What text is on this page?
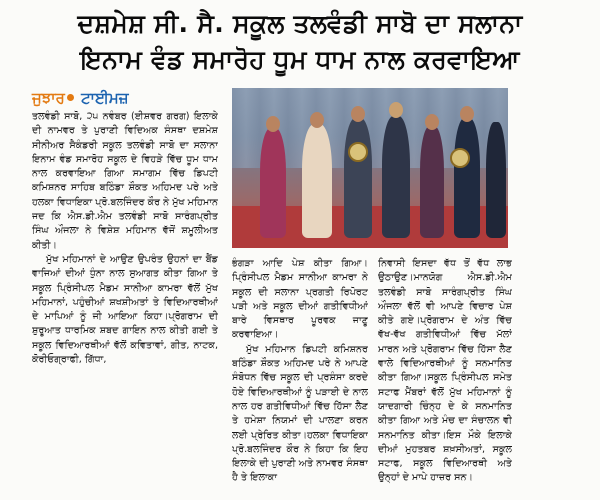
ਦਸ਼ਮੇਸ਼ ਸੀ. ਸੈ. ਸਕੂਲ ਤਲਵੰਡੀ ਸਾਬੋ ਦਾ ਸਲਾਨਾ
ਇਨਾਮ ਵੰਡ ਸਮਾਰੋਹ ਧੂਮ ਧਾਮ ਨਾਲ ਕਰਵਾਇਆ
ਜੁਝਾਰ ਟਾਈਮਜ਼

ਤਲਵੰਡੀ ਸਾਬੋ, ੨੫ ਨਵੰਬਰ (ਈਸ਼ਵਰ ਗਰਗ) ਇਲਾਕੇ ਦੀ ਨਾਮਵਰ ਤੇ ਪੁਰਾਣੀ ਵਿਦਿਅਕ ਸੰਸਥਾ ਦਸ਼ਮੇਸ਼ ਸੀਨੀਅਰ ਸੈਕੰਡਰੀ ਸਕੂਲ ਤਲਵੰਡੀ ਸਾਬੋ ਦਾ ਸਲਾਨਾ ਇਨਾਮ ਵੰਡ ਸਮਾਰੋਹ ਸਕੂਲ ਦੇ ਵਿਹੜੇ ਵਿੱਚ ਧੂਮ ਧਾਮ ਨਾਲ ਕਰਵਾਇਆ ਗਿਆ ਸਮਾਗਮ ਵਿੱਚ ਡਿਪਟੀ ਕਮਿਸ਼ਨਰ ਸਾਹਿਬ ਬਠਿੰਡਾ ਸ਼ੌਕਤ ਅਹਿਮਦ ਪਰੇ ਅਤੇ ਹਲਕਾ ਵਿਧਾਇਕਾ ਪ੍ਰੋ.ਬਲਜਿੰਦਰ ਕੌਰ ਨੇ ਮੁੱਖ ਮਹਿਮਾਨ ਜਦ ਕਿ ਐਸ.ਡੀ.ਐਮ ਤਲਵੰਡੀ ਸਾਬੋ ਸਾਰੰਗਪ੍ਰੀਤ ਸਿੰਘ ਔਜਲਾ ਨੇ ਵਿਸ਼ੇਸ਼ ਮਹਿਮਾਨ ਵੱਜੋਂ ਸ਼ਮੂਲੀਅਤ ਕੀਤੀ।

ਮੁੱਖ ਮਹਿਮਾਨਾਂ ਦੇ ਆਉਣ ਉਪਰੰਤ ਉਹਨਾਂ ਦਾ ਬੈਂਡ ਵਾਜਿਆਂ ਦੀਆਂ ਧੁੰਨਾ ਨਾਲ ਸੁਆਗਤ ਕੀਤਾ ਗਿਆ ਤੇ ਸਕੂਲ ਪ੍ਰਿੰਸੀਪਲ ਮੈਡਮ ਸਾਨੀਆ ਕਾਮਰਾ ਵੱਲੋਂ ਮੁੱਖ ਮਹਿਮਾਨਾਂ, ਪਹੁੰਚੀਆਂ ਸ਼ਖਸ਼ੀਅਤਾਂ ਤੇ ਵਿਦਿਆਰਥੀਆਂ ਦੇ ਮਾਪਿਆਂ ਨੂੰ ਜੀ ਆਇਆ ਕਿਹਾ।ਪ੍ਰੋਗਰਾਮ ਦੀ ਸ਼ੁਰੂਆਤ ਧਾਰਮਿਕ ਸ਼ਬਦ ਗਾਇਨ ਨਾਲ ਕੀਤੀ ਗਈ ਤੇ ਸਕੂਲ ਵਿਦਿਆਰਥੀਆਂ ਵੱਲੋਂ ਕਵਿਤਾਵਾਂ, ਗੀਤ, ਨਾਟਕ, ਕੋਰੀਓਗ੍ਰਾਫੀ, ਗਿੱਧਾ,

ਭੰਗੜਾ ਆਦਿ ਪੇਸ਼ ਕੀਤਾ ਗਿਆ।ਪ੍ਰਿੰਸੀਪਲ ਮੈਡਮ ਸਾਨੀਆ ਕਾਮਰਾ ਨੇ ਸਕੂਲ ਦੀ ਸਲਾਨਾ ਪ੍ਰਗਤੀ ਰਿਪੋਰਟ ਪੜੀ ਅਤੇ ਸਕੂਲ ਦੀਆਂ ਗਤੀਵਿਧੀਆਂ ਬਾਰੇ ਵਿਸਥਾਰ ਪੂਰਵਕ ਜਾਣੂ ਕਰਵਾਇਆ।

ਮੁੱਖ ਮਹਿਮਾਨ ਡਿਪਟੀ ਕਮਿਸ਼ਨਰ ਬਠਿੰਡਾ ਸ਼ੌਕਤ ਅਹਿਮਦ ਪਰੇ ਨੇ ਆਪਣੇ ਸੰਬੋਧਨ ਵਿੱਚ ਸਕੂਲ ਦੀ ਪ੍ਰਸ਼ੰਸਾ ਕਰਦੇ ਹੋਏ ਵਿਦਿਆਰਥੀਆਂ ਨੂੰ ਪੜਾਈ ਦੇ ਨਾਲ ਨਾਲ ਹਰ ਗਤੀਵਿਧੀਆਂ ਵਿੱਚ ਹਿੱਸਾ ਲੈਣ ਤੇ ਹਮੇਸ਼ਾ ਨਿਯਮਾਂ ਦੀ ਪਾਲਣਾ ਕਰਨ ਲਈ ਪ੍ਰੇਰਿਤ ਕੀਤਾ।ਹਲਕਾ ਵਿਧਾਇਕਾ ਪ੍ਰੋ.ਬਲਜਿੰਦਰ ਕੌਰ ਨੇ ਕਿਹਾ ਕਿ ਇਹ ਇਲਾਕੇ ਦੀ ਪੁਰਾਣੀ ਅਤੇ ਨਾਮਵਰ ਸੰਸਥਾ ਹੈ ਤੇ ਇਲਾਕਾ

ਨਿਵਾਸੀ ਇਸਦਾ ਵੱਧ ਤੋਂ ਵੱਧ ਲਾਭ ਉਠਾਉਣ।ਮਾਨਯੋਗ ਐਸ.ਡੀ.ਐਮ ਤਲਵੰਡੀ ਸਾਬੋ ਸਾਰੰਗਪ੍ਰੀਤ ਸਿੰਘ ਔਜਲਾ ਵੱਲੋਂ ਵੀ ਆਪਣੇ ਵਿਚਾਰ ਪੇਸ਼ ਕੀਤੇ ਗਏ।ਪ੍ਰੋਗਰਾਮ ਦੇ ਅੰਤ ਵਿੱਚ ਵੱਖ-ਵੱਖ ਗਤੀਵਿਧੀਆਂ ਵਿੱਚ ਮੱਲਾਂ ਮਾਰਨ ਅਤੇ ਪ੍ਰੋਗਰਾਮ ਵਿੱਚ ਹਿੱਸਾ ਲੈਣ ਵਾਲੇ ਵਿਦਿਆਰਥੀਆਂ ਨੂੰ ਸਨਮਾਨਿਤ ਕੀਤਾ ਗਿਆ।ਸਕੂਲ ਪ੍ਰਿੰਸੀਪਲ ਸਮੇਤ ਸਟਾਫ ਮੈਂਬਰਾਂ ਵੱਲੋਂ ਮੁੱਖ ਮਹਿਮਾਨਾਂ ਨੂੰ ਯਾਦਗਾਰੀ ਚਿੰਨ੍ਹ ਦੇ ਕੇ ਸਨਮਾਨਿਤ ਕੀਤਾ ਗਿਆ ਅਤੇ ਮੰਚ ਦਾ ਸੰਚਾਲਨ ਵੀ ਸਨਮਾਨਿਤ ਕੀਤਾ।ਇਸ ਮੌਕੇ ਇਲਾਕੇ ਦੀਆਂ ਮੁਹਤਬਰ ਸ਼ਖ਼ਸੀਅਤਾਂ, ਸਕੂਲ ਸਟਾਫ, ਸਕੂਲ ਵਿਦਿਆਰਥੀ ਅਤੇ ਉਨ੍ਹਾਂ ਦੇ ਮਾਪੇ ਹਾਜ਼ਰ ਸਨ।
